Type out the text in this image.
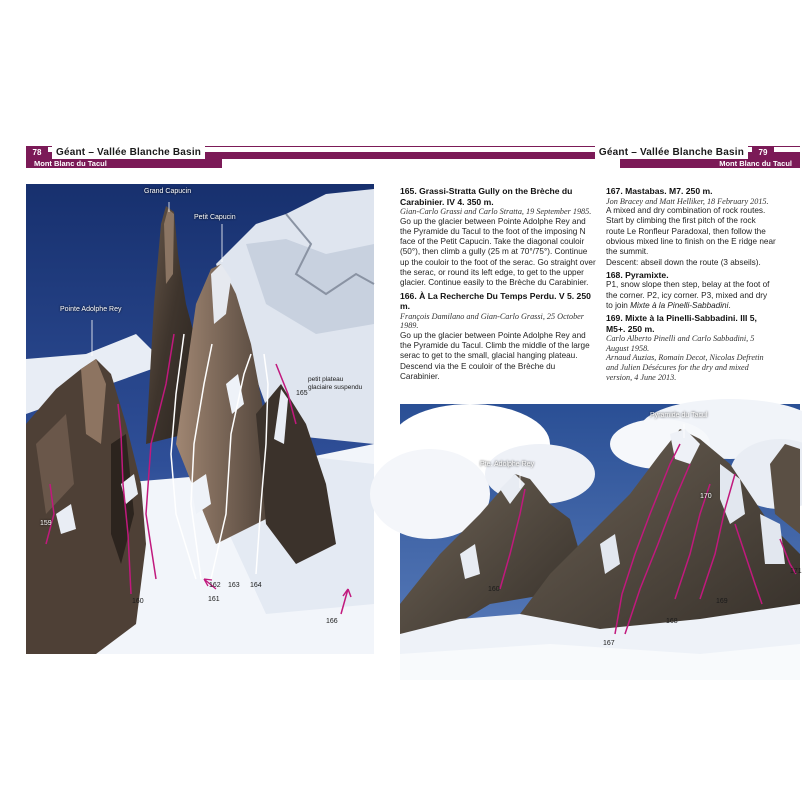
78	79
Géant – Vallée Blanche Basin	Géant – Vallée Blanche Basin
Mont Blanc du Tacul	Mont Blanc du Tacul
Grand Capucin
Petit Capucin
Pointe Adolphe Rey
petit plateau
glaciaire suspendu
165
159
160	161
162 163 164
166

165. Grassi-Stratta Gully on the Brèche du Carabinier. IV 4. 350 m.

Gian-Carlo Grassi and Carlo Stratta, 19 September 1985.

Go up the glacier between Pointe Adolphe Rey and the Pyramide du Tacul to the foot of the imposing N face of the Petit Capucin. Take the diagonal couloir (50°), then climb a gully (25 m at 70°/75°). Continue up the couloir to the foot of the serac. Go straight over the serac, or round its left edge, to get to the upper glacier. Continue easily to the Brèche du Carabinier.

166. À La Recherche Du Temps Perdu. V 5. 250 m.

François Damilano and Gian-Carlo Grassi, 25 October 1989.

Go up the glacier between Pointe Adolphe Rey and the Pyramide du Tacul. Climb the middle of the large serac to get to the small, glacial hanging plateau. Descend via the E couloir of the Brèche du Carabinier.

167. Mastabas. M7. 250 m.

Jon Bracey and Matt Helliker, 18 February 2015.

A mixed and dry combination of rock routes. Start by climbing the first pitch of the rock route Le Ronfleur Paradoxal, then follow the obvious mixed line to finish on the E ridge near the summit.

Descent: abseil down the route (3 abseils).

168. Pyramixte.

P1, snow slope then step, belay at the foot of the corner. P2, icy corner. P3, mixed and dry to join Mixte à la Pinelli-Sabbadini.

169. Mixte à la Pinelli-Sabbadini. III 5, M5+. 250 m.

Carlo Alberto Pinelli and Carlo Sabbadini, 5 August 1958.

Arnaud Auzias, Romain Decot, Nicolas Defretin and Julien Désécures for the dry and mixed version, 4 June 2013.

Pyramide du Tacul
Pte. Adolphe Rey
160
167
168
169
170
171
